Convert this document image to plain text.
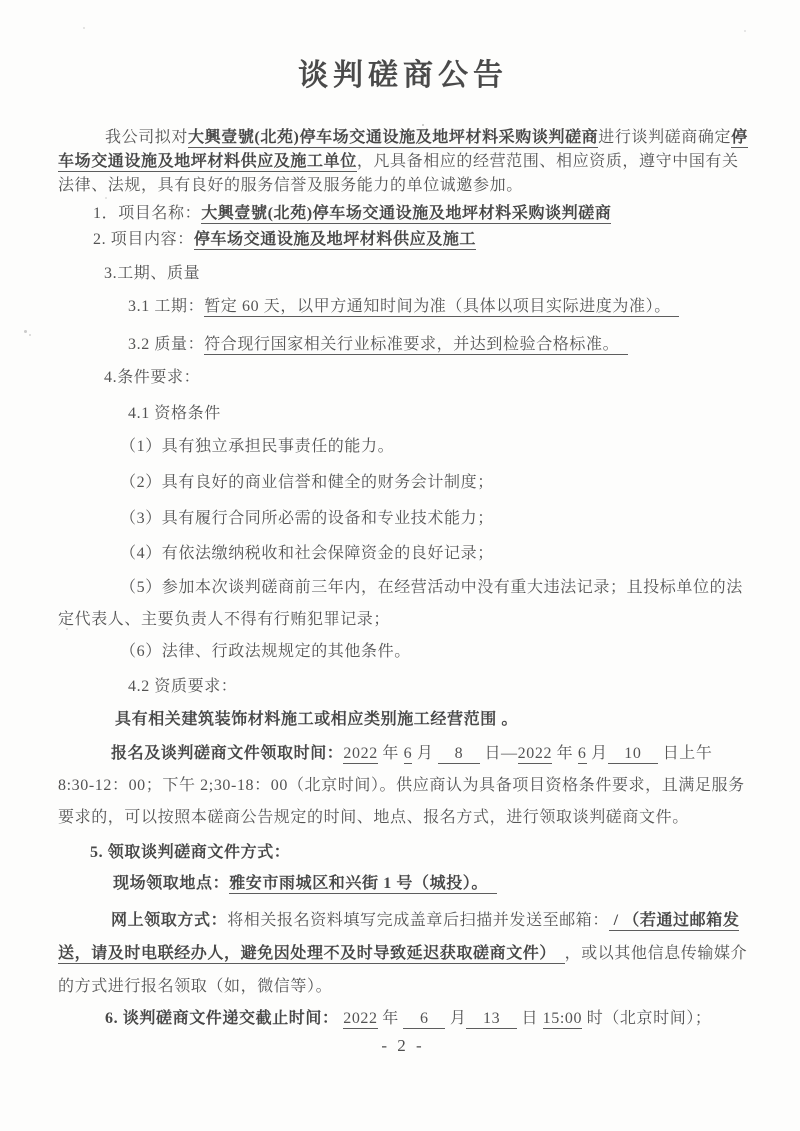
谈判磋商公告

我公司拟对大興壹號(北苑)停车场交通设施及地坪材料采购谈判磋商进行谈判磋商确定停车场交通设施及地坪材料供应及施工单位，凡具备相应的经营范围、相应资质，遵守中国有关法律、法规，具有良好的服务信誉及服务能力的单位诚邀参加。

1．项目名称：大興壹號(北苑)停车场交通设施及地坪材料采购谈判磋商

2. 项目内容：停车场交通设施及地坪材料供应及施工

3.工期、质量

3.1 工期：暂定 60 天，以甲方通知时间为准（具体以项目实际进度为准）。　

3.2 质量：符合现行国家相关行业标准要求，并达到检验合格标准。　

4.条件要求：

4.1 资格条件

（1）具有独立承担民事责任的能力。

（2）具有良好的商业信誉和健全的财务会计制度；

（3）具有履行合同所必需的设备和专业技术能力；

（4）有依法缴纳税收和社会保障资金的良好记录；

（5）参加本次谈判磋商前三年内，在经营活动中没有重大违法记录；且投标单位的法定代表人、主要负责人不得有行贿犯罪记录；

（6）法律、行政法规规定的其他条件。

4.2 资质要求：

具有相关建筑装饰材料施工或相应类别施工经营范围 。

报名及谈判磋商文件领取时间：2022 年 6 月 　8　 日—2022 年 6 月　10　 日上午 8:30-12：00；下午 2;30-18：00（北京时间）。供应商认为具备项目资格条件要求，且满足服务要求的，可以按照本磋商公告规定的时间、地点、报名方式，进行领取谈判磋商文件。

5. 领取谈判磋商文件方式：

现场领取地点：雅安市雨城区和兴街 1 号（城投）。　

网上领取方式：将相关报名资料填写完成盖章后扫描并发送至邮箱： / （若通过邮箱发送，请及时电联经办人，避免因处理不及时导致延迟获取磋商文件）　，或以其他信息传输媒介的方式进行报名领取（如，微信等）。

6. 谈判磋商文件递交截止时间： 2022 年 　6　 月　13　 日 15:00 时（北京时间）；

- 2 -
